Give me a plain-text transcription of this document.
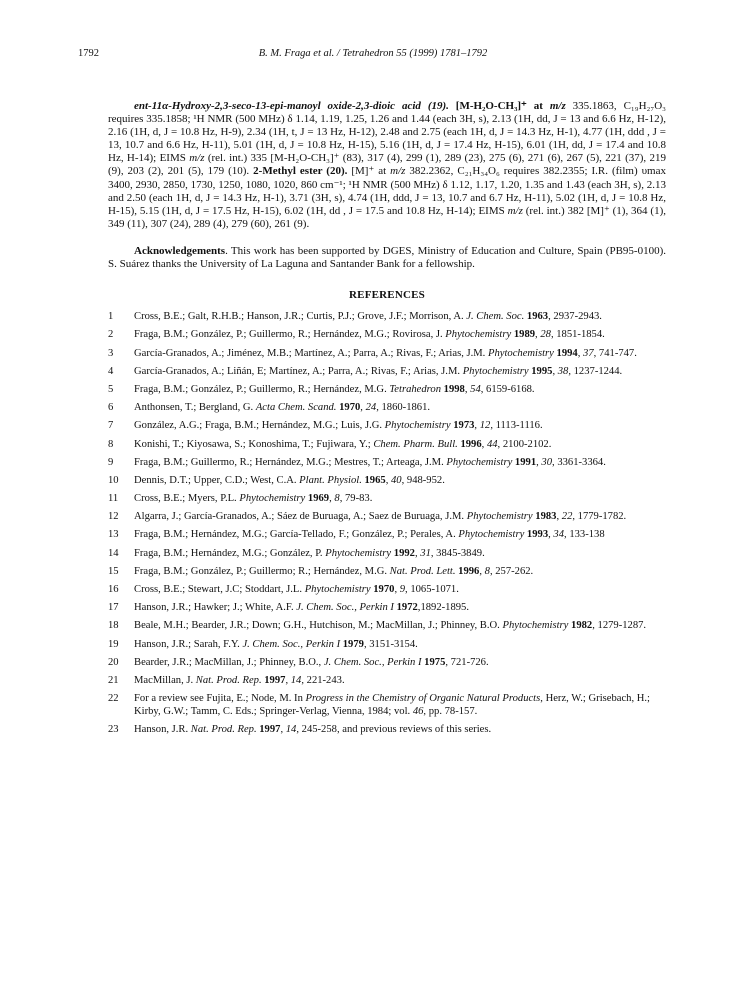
1792	B. M. Fraga et al. / Tetrahedron 55 (1999) 1781–1792

ent-11α-Hydroxy-2,3-seco-13-epi-manoyl oxide-2,3-dioic acid (19). [M-H₂O-CH₃]⁺ at m/z 335.1863, C₁₉H₂₇O₃ requires 335.1858; ¹H NMR (500 MHz) δ 1.14, 1.19, 1.25, 1.26 and 1.44 (each 3H, s), 2.13 (1H, dd, J = 13 and 6.6 Hz, H-12), 2.16 (1H, d, J = 10.8 Hz, H-9), 2.34 (1H, t, J = 13 Hz, H-12), 2.48 and 2.75 (each 1H, d, J = 14.3 Hz, H-1), 4.77 (1H, ddd , J = 13, 10.7 and 6.6 Hz, H-11), 5.01 (1H, d, J = 10.8 Hz, H-15), 5.16 (1H, d, J = 17.4 Hz, H-15), 6.01 (1H, dd, J = 17.4 and 10.8 Hz, H-14); EIMS m/z (rel. int.) 335 [M-H₂O-CH₃]⁺ (83), 317 (4), 299 (1), 289 (23), 275 (6), 271 (6), 267 (5), 221 (37), 219 (9), 203 (2), 201 (5), 179 (10). 2-Methyl ester (20). [M]⁺ at m/z 382.2362, C₂₁H₃₄O₆ requires 382.2355; I.R. (film) υmax 3400, 2930, 2850, 1730, 1250, 1080, 1020, 860 cm⁻¹; ¹H NMR (500 MHz) δ 1.12, 1.17, 1.20, 1.35 and 1.43 (each 3H, s), 2.13 and 2.50 (each 1H, d, J = 14.3 Hz, H-1), 3.71 (3H, s), 4.74 (1H, ddd, J = 13, 10.7 and 6.7 Hz, H-11), 5.02 (1H, d, J = 10.8 Hz, H-15), 5.15 (1H, d, J = 17.5 Hz, H-15), 6.02 (1H, dd , J = 17.5 and 10.8 Hz, H-14); EIMS m/z (rel. int.) 382 [M]⁺ (1), 364 (1), 349 (11), 307 (24), 289 (4), 279 (60), 261 (9).

Acknowledgements. This work has been supported by DGES, Ministry of Education and Culture, Spain (PB95-0100). S. Suárez thanks the University of La Laguna and Santander Bank for a fellowship.

REFERENCES
1 Cross, B.E.; Galt, R.H.B.; Hanson, J.R.; Curtis, P.J.; Grove, J.F.; Morrison, A. J. Chem. Soc. 1963, 2937-2943.
2 Fraga, B.M.; González, P.; Guillermo, R.; Hernández, M.G.; Rovirosa, J. Phytochemistry 1989, 28, 1851-1854.
3 García-Granados, A.; Jiménez, M.B.; Martínez, A.; Parra, A.; Rivas, F.; Arias, J.M. Phytochemistry 1994, 37, 741-747.
4 García-Granados, A.; Liñán, E; Martínez, A.; Parra, A.; Rivas, F.; Arias, J.M. Phytochemistry 1995, 38, 1237-1244.
5 Fraga, B.M.; González, P.; Guillermo, R.; Hernández, M.G. Tetrahedron 1998, 54, 6159-6168.
6 Anthonsen, T.; Bergland, G. Acta Chem. Scand. 1970, 24, 1860-1861.
7 González, A.G.; Fraga, B.M.; Hernández, M.G.; Luis, J.G. Phytochemistry 1973, 12, 1113-1116.
8 Konishi, T.; Kiyosawa, S.; Konoshima, T.; Fujiwara, Y.; Chem. Pharm. Bull. 1996, 44, 2100-2102.
9 Fraga, B.M.; Guillermo, R.; Hernández, M.G.; Mestres, T.; Arteaga, J.M. Phytochemistry 1991, 30, 3361-3364.
10 Dennis, D.T.; Upper, C.D.; West, C.A. Plant. Physiol. 1965, 40, 948-952.
11 Cross, B.E.; Myers, P.L. Phytochemistry 1969, 8, 79-83.
12 Algarra, J.; García-Granados, A.; Sáez de Buruaga, A.; Saez de Buruaga, J.M. Phytochemistry 1983, 22, 1779-1782.
13 Fraga, B.M.; Hernández, M.G.; García-Tellado, F.; González, P.; Perales, A. Phytochemistry 1993, 34, 133-138
14 Fraga, B.M.; Hernández, M.G.; González, P. Phytochemistry 1992, 31, 3845-3849.
15 Fraga, B.M.; González, P.; Guillermo; R.; Hernández, M.G. Nat. Prod. Lett. 1996, 8, 257-262.
16 Cross, B.E.; Stewart, J.C; Stoddart, J.L. Phytochemistry 1970, 9, 1065-1071.
17 Hanson, J.R.; Hawker; J.; White, A.F. J. Chem. Soc., Perkin I 1972,1892-1895.
18 Beale, M.H.; Bearder, J.R.; Down; G.H., Hutchison, M.; MacMillan, J.; Phinney, B.O. Phytochemistry 1982, 1279-1287.
19 Hanson, J.R.; Sarah, F.Y. J. Chem. Soc., Perkin I 1979, 3151-3154.
20 Bearder, J.R.; MacMillan, J.; Phinney, B.O., J. Chem. Soc., Perkin I 1975, 721-726.
21 MacMillan, J. Nat. Prod. Rep. 1997, 14, 221-243.
22 For a review see Fujita, E.; Node, M. In Progress in the Chemistry of Organic Natural Products, Herz, W.; Grisebach, H.; Kirby, G.W.; Tamm, C. Eds.; Springer-Verlag, Vienna, 1984; vol. 46, pp. 78-157.
23 Hanson, J.R. Nat. Prod. Rep. 1997, 14, 245-258, and previous reviews of this series.
